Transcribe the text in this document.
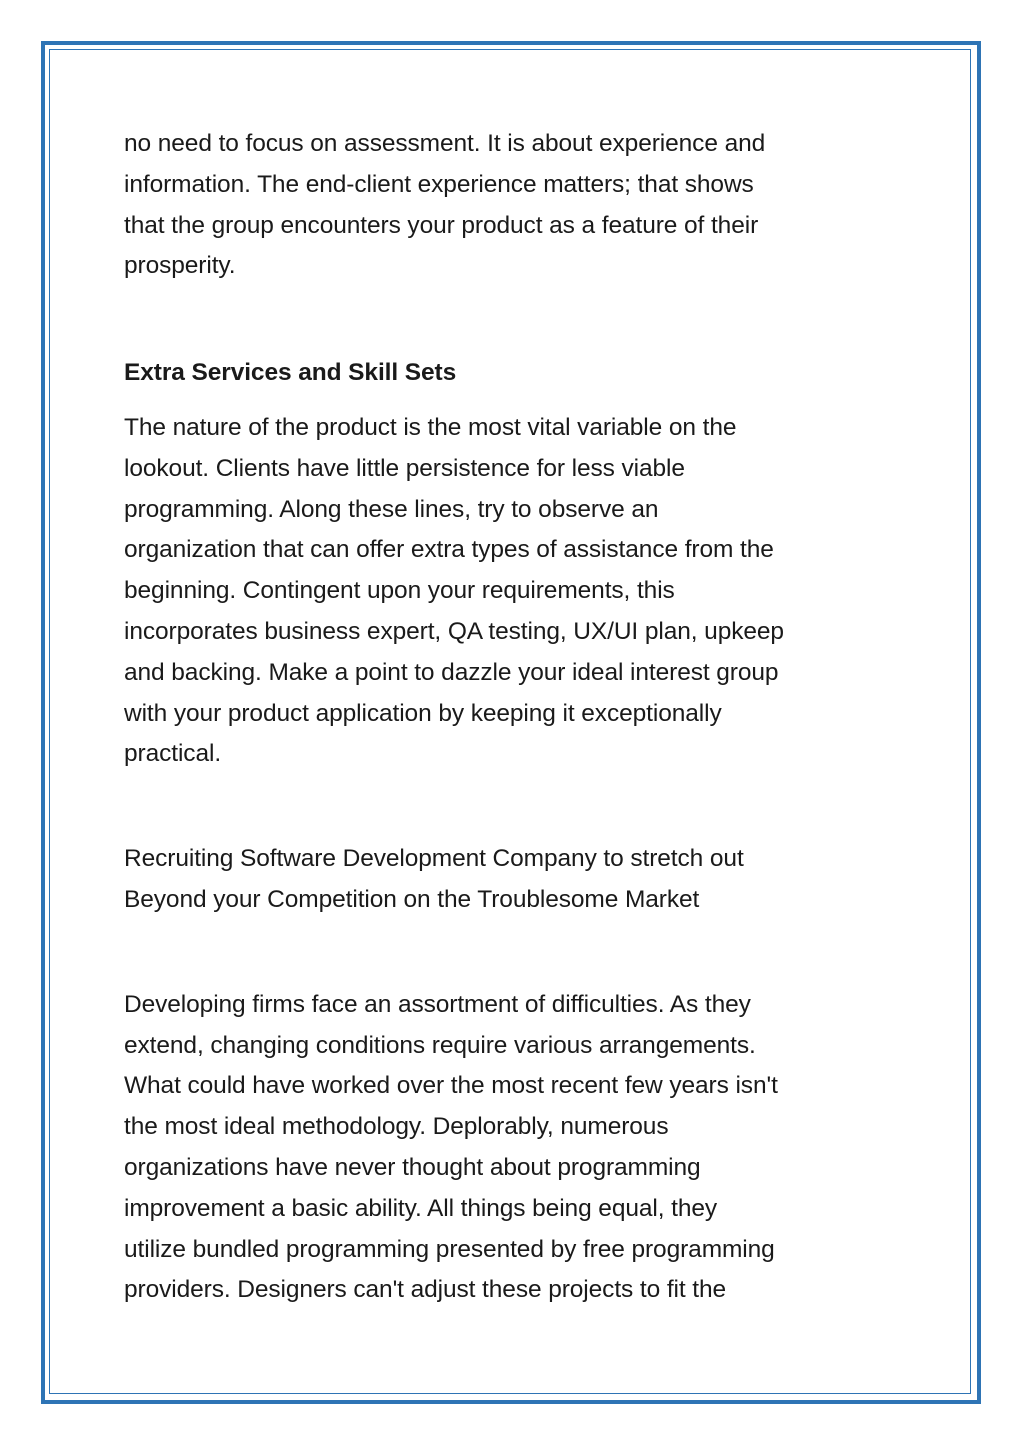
no need to focus on assessment. It is about experience and
information. The end-client experience matters; that shows
that the group encounters your product as a feature of their
prosperity.

Extra Services and Skill Sets

The nature of the product is the most vital variable on the
lookout. Clients have little persistence for less viable
programming. Along these lines, try to observe an
organization that can offer extra types of assistance from the
beginning. Contingent upon your requirements, this
incorporates business expert, QA testing, UX/UI plan, upkeep
and backing. Make a point to dazzle your ideal interest group
with your product application by keeping it exceptionally
practical.

Recruiting Software Development Company to stretch out
Beyond your Competition on the Troublesome Market

Developing firms face an assortment of difficulties. As they
extend, changing conditions require various arrangements.
What could have worked over the most recent few years isn't
the most ideal methodology. Deplorably, numerous
organizations have never thought about programming
improvement a basic ability. All things being equal, they
utilize bundled programming presented by free programming
providers. Designers can't adjust these projects to fit the
